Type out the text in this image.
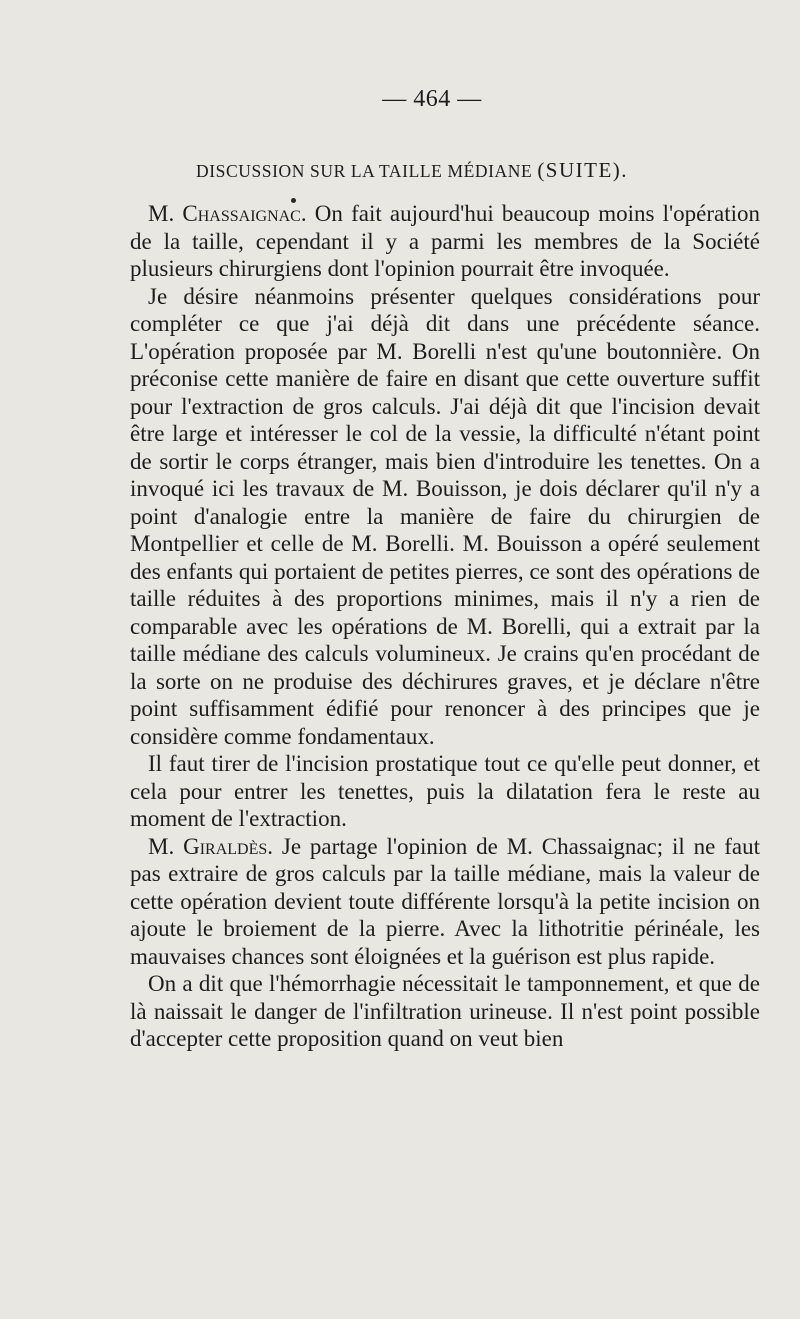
— 464 —
DISCUSSION SUR LA TAILLE MÉDIANE (SUITE).

M. Chassaignac. On fait aujourd'hui beaucoup moins l'opération de la taille, cependant il y a parmi les membres de la Société plusieurs chirurgiens dont l'opinion pourrait être invoquée.

Je désire néanmoins présenter quelques considérations pour compléter ce que j'ai déjà dit dans une précédente séance. L'opération proposée par M. Borelli n'est qu'une boutonnière. On préconise cette manière de faire en disant que cette ouverture suffit pour l'extraction de gros calculs. J'ai déjà dit que l'incision devait être large et intéresser le col de la vessie, la difficulté n'étant point de sortir le corps étranger, mais bien d'introduire les tenettes. On a invoqué ici les travaux de M. Bouisson, je dois déclarer qu'il n'y a point d'analogie entre la manière de faire du chirurgien de Montpellier et celle de M. Borelli. M. Bouisson a opéré seulement des enfants qui portaient de petites pierres, ce sont des opérations de taille réduites à des proportions minimes, mais il n'y a rien de comparable avec les opérations de M. Borelli, qui a extrait par la taille médiane des calculs volumineux. Je crains qu'en procédant de la sorte on ne produise des déchirures graves, et je déclare n'être point suffisamment édifié pour renoncer à des principes que je considère comme fondamentaux.

Il faut tirer de l'incision prostatique tout ce qu'elle peut donner, et cela pour entrer les tenettes, puis la dilatation fera le reste au moment de l'extraction.

M. Giraldès. Je partage l'opinion de M. Chassaignac; il ne faut pas extraire de gros calculs par la taille médiane, mais la valeur de cette opération devient toute différente lorsqu'à la petite incision on ajoute le broiement de la pierre. Avec la lithotritie périnéale, les mauvaises chances sont éloignées et la guérison est plus rapide.

On a dit que l'hémorrhagie nécessitait le tamponnement, et que de là naissait le danger de l'infiltration urineuse. Il n'est point possible d'accepter cette proposition quand on veut bien
